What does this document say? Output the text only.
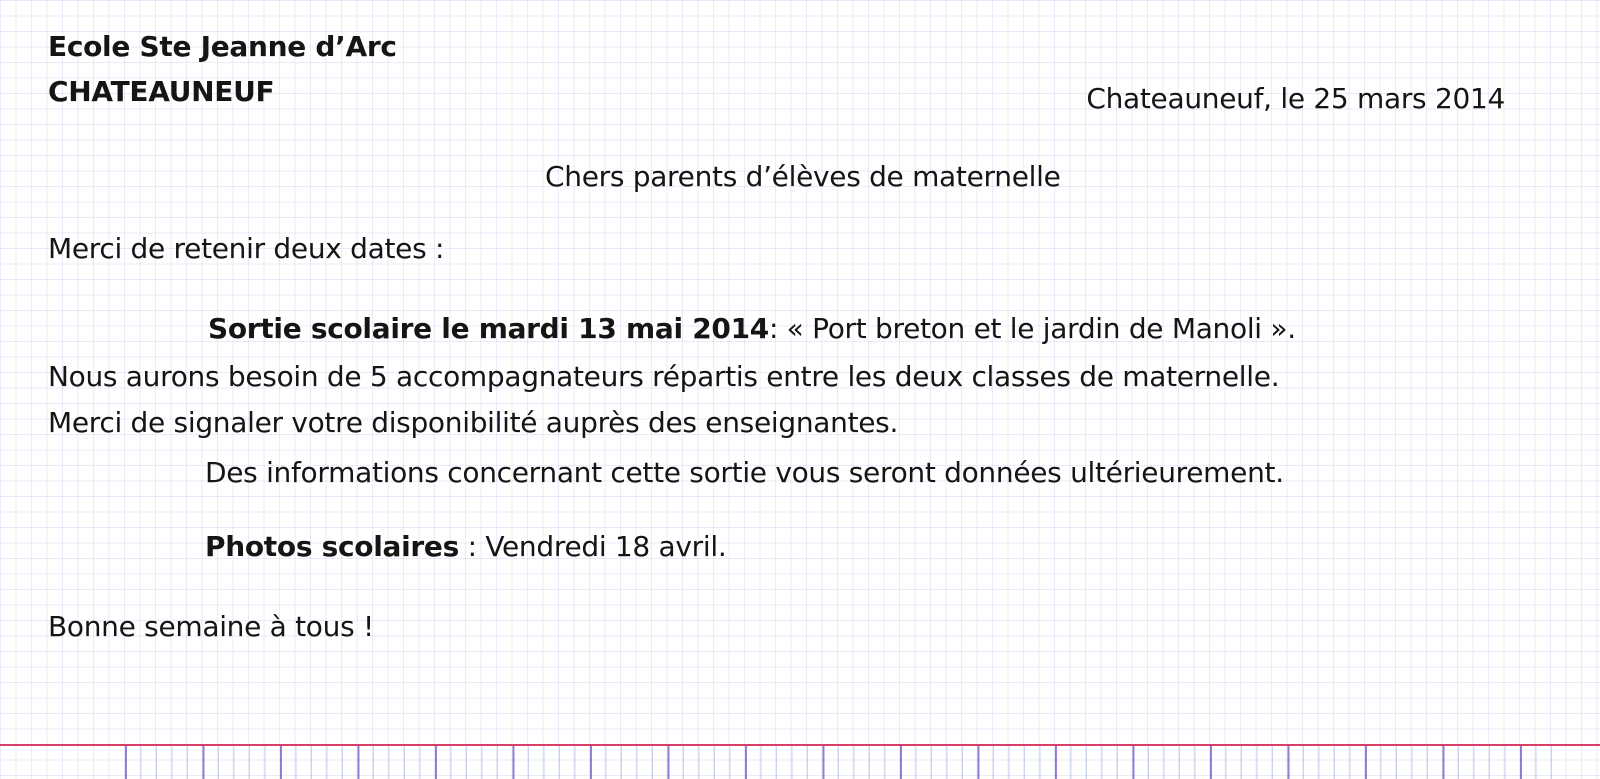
Ecole Ste Jeanne d’Arc
CHATEAUNEUF	Chateauneuf, le 25 mars 2014
Chers parents d’élèves de maternelle
Merci de retenir deux dates :
Sortie scolaire le mardi 13 mai 2014: « Port breton et le jardin de Manoli ».
Nous aurons besoin de 5 accompagnateurs répartis entre les deux classes de maternelle.
Merci de signaler votre disponibilité auprès des enseignantes.
Des informations concernant cette sortie vous seront données ultérieurement.
Photos scolaires : Vendredi 18 avril.
Bonne semaine à tous !
